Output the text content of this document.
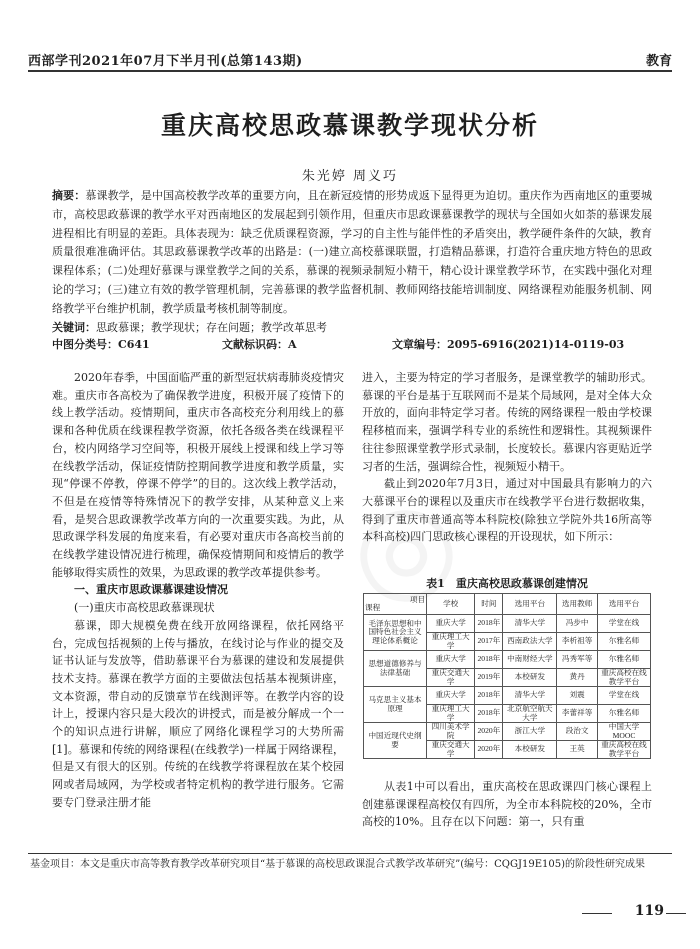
西部学刊2021年07月下半月刊(总第143期)	教育
重庆高校思政慕课教学现状分析
朱光婷 周义巧
摘要：慕课教学，是中国高校教学改革的重要方向，且在新冠疫情的形势成返下显得更为迫切。重庆作为西南地区的重要城市，高校思政慕课的教学水平对西南地区的发展起到引领作用，但重庆市思政课慕课教学的现状与全国如火如荼的慕课发展进程相比有明显的差距。具体表现为：缺乏优质课程资源，学习的自主性与能伴性的矛盾突出，教学硬件条件的欠缺，教育质量很难准确评估。其思政慕课教学改革的出路是：(一)建立高校慕课联盟，打造精品慕课，打造符合重庆地方特色的思政课程体系；(二)处理好慕课与课堂教学之间的关系，慕课的视频录制短小精干，精心设计课堂教学环节，在实践中强化对理论的学习；(三)建立有效的教学管理机制，完善慕课的教学监督机制、教师网络技能培训制度、网络课程劝能服务机制、网络教学平台维护机制，教学质量考核机制等制度。
关键词：思政慕课；教学现状；存在问题；教学改革思考
中图分类号：C641	文献标识码：A	文章编号：2095-6916(2021)14-0119-03

2020年春季，中国面临严重的新型冠状病毒肺炎疫情灾难。重庆市各高校为了确保教学进度，积极开展了疫情下的线上教学活动。疫情期间，重庆市各高校充分利用线上的慕课和各种优质在线课程教学资源，依托各级各类在线课程平台，校内网络学习空间等，积极开展线上授课和线上学习等在线教学活动，保证疫情防控期间教学进度和教学质量，实现“停课不停教，停课不停学”的目的。这次线上教学活动，不但是在疫情等特殊情况下的教学安排，从某种意义上来看，是契合思政课教学改革方向的一次重要实践。为此，从思政课学科发展的角度来看，有必要对重庆市各高校当前的在线教学建设情况进行梳理，确保疫情期间和疫情后的教学能够取得实质性的效果，为思政课的教学改革提供参考。

一、重庆市思政课慕课建设情况

(一)重庆市高校思政慕课现状

慕课，即大规模免费在线开放网络课程，依托网络平台，完成包括视频的上传与播放，在线讨论与作业的提交及证书认证与发放等，借助慕课平台为慕课的建设和发展提供技术支持。慕课在教学方面的主要做法包括基本视频讲座，文本资源，带自动的反馈章节在线测评等。在教学内容的设计上，授课内容只是大段次的讲授式，而是被分解成一个一个的知识点进行讲解，顺应了网络化课程学习的大势所需[1]。慕课和传统的网络课程(在线教学)一样属于网络课程，但是又有很大的区别。传统的在线教学将课程放在某个校园网或者局域网，为学校或者特定机构的教学进行服务。它需要专门登录注册才能

进入，主要为特定的学习者服务，是课堂教学的辅助形式。慕课的平台是基于互联网而不是某个局域网，是对全体大众开放的，面向非特定学习者。传统的网络课程一般由学校课程移植而来，强调学科专业的系统性和逻辑性。其视频课件往往参照课堂教学形式录制，长度较长。慕课内容更贴近学习者的生活，强调综合性，视频短小精干。

截止到2020年7月3日，通过对中国最具有影响力的六大慕课平台的课程以及重庆市在线教学平台进行数据收集，得到了重庆市普通高等本科院校(除独立学院外共16所高等本科高校)四门思政核心课程的开设现状，如下所示：

表1　重庆高校思政慕课创建情况
项目
课程	学校	时间	选用平台	选用教师	选用平台
毛泽东思想和中国特色社会主义理论体系概论	重庆大学	2018年	清华大学	冯步中	学堂在线
	重庆理工大学	2017年	西南政法大学	李析祖等	尔雅名师
思想道德修养与法律基础	重庆大学	2018年	中南财经大学	冯秀军等	尔雅名师
	重庆交通大学	2019年	本校研发	黄丹	重庆高校在线教学平台
马克思主义基本原理	重庆大学	2018年	清华大学	刘震	学堂在线
	重庆理工大学	2018年	北京航空航天大学	李蕾祥等	尔雅名师
中国近现代史纲要	四川美术学院	2020年	浙江大学	段治文	中国大学MOOC
	重庆交通大学	2020年	本校研发	王英	重庆高校在线教学平台

从表1中可以看出，重庆高校在思政课四门核心课程上创建慕课课程高校仅有四所，为全市本科院校的20%，全市高校的10%。且存在以下问题：第一，只有重

基金项目：本文是重庆市高等教育教学改革研究项目“基于慕课的高校思政课混合式教学改革研究”(编号：CQGJ19E105)的阶段性研究成果
119
